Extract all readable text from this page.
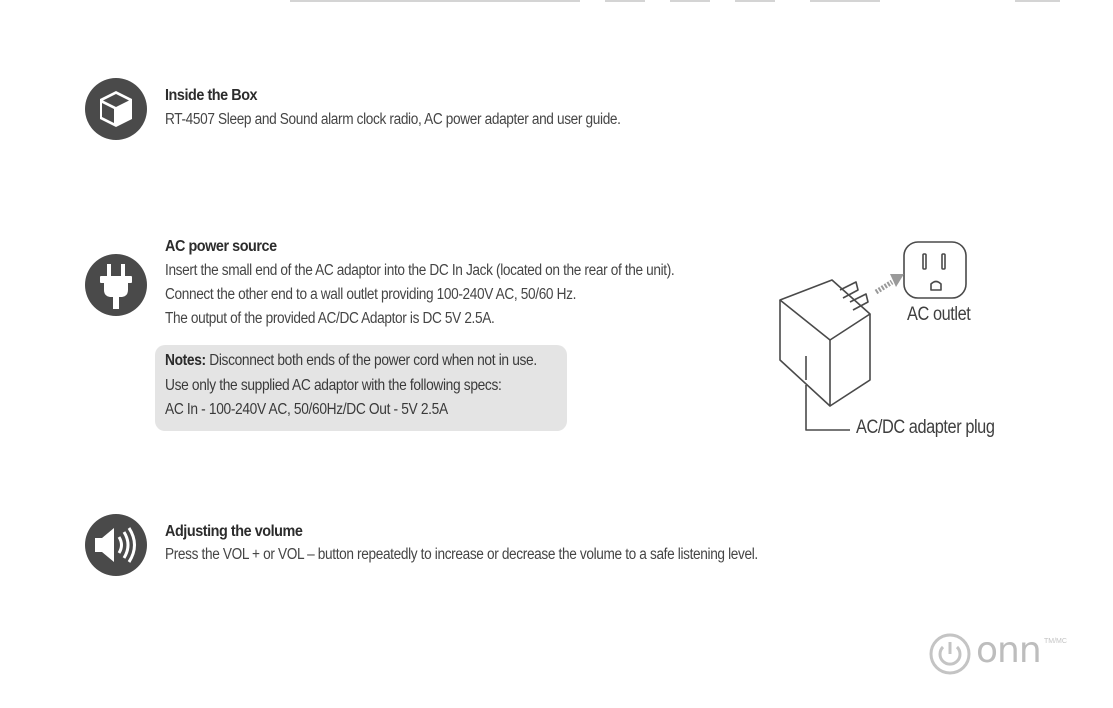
Inside the Box
RT-4507 Sleep and Sound alarm clock radio, AC power adapter and user guide.
AC power source
Insert the small end of the AC adaptor into the DC In Jack (located on the rear of the unit).
Connect the other end to a wall outlet providing 100-240V AC, 50/60 Hz.
The output of the provided AC/DC Adaptor is DC 5V 2.5A.
Notes: Disconnect both ends of the power cord when not in use.
Use only the supplied AC adaptor with the following specs:
AC In - 100-240V AC, 50/60Hz/DC Out - 5V 2.5A
AC outlet
AC/DC adapter plug
Adjusting the volume
Press the VOL + or VOL – button repeatedly to increase or decrease the volume to a safe listening level.
onn TM/MC
